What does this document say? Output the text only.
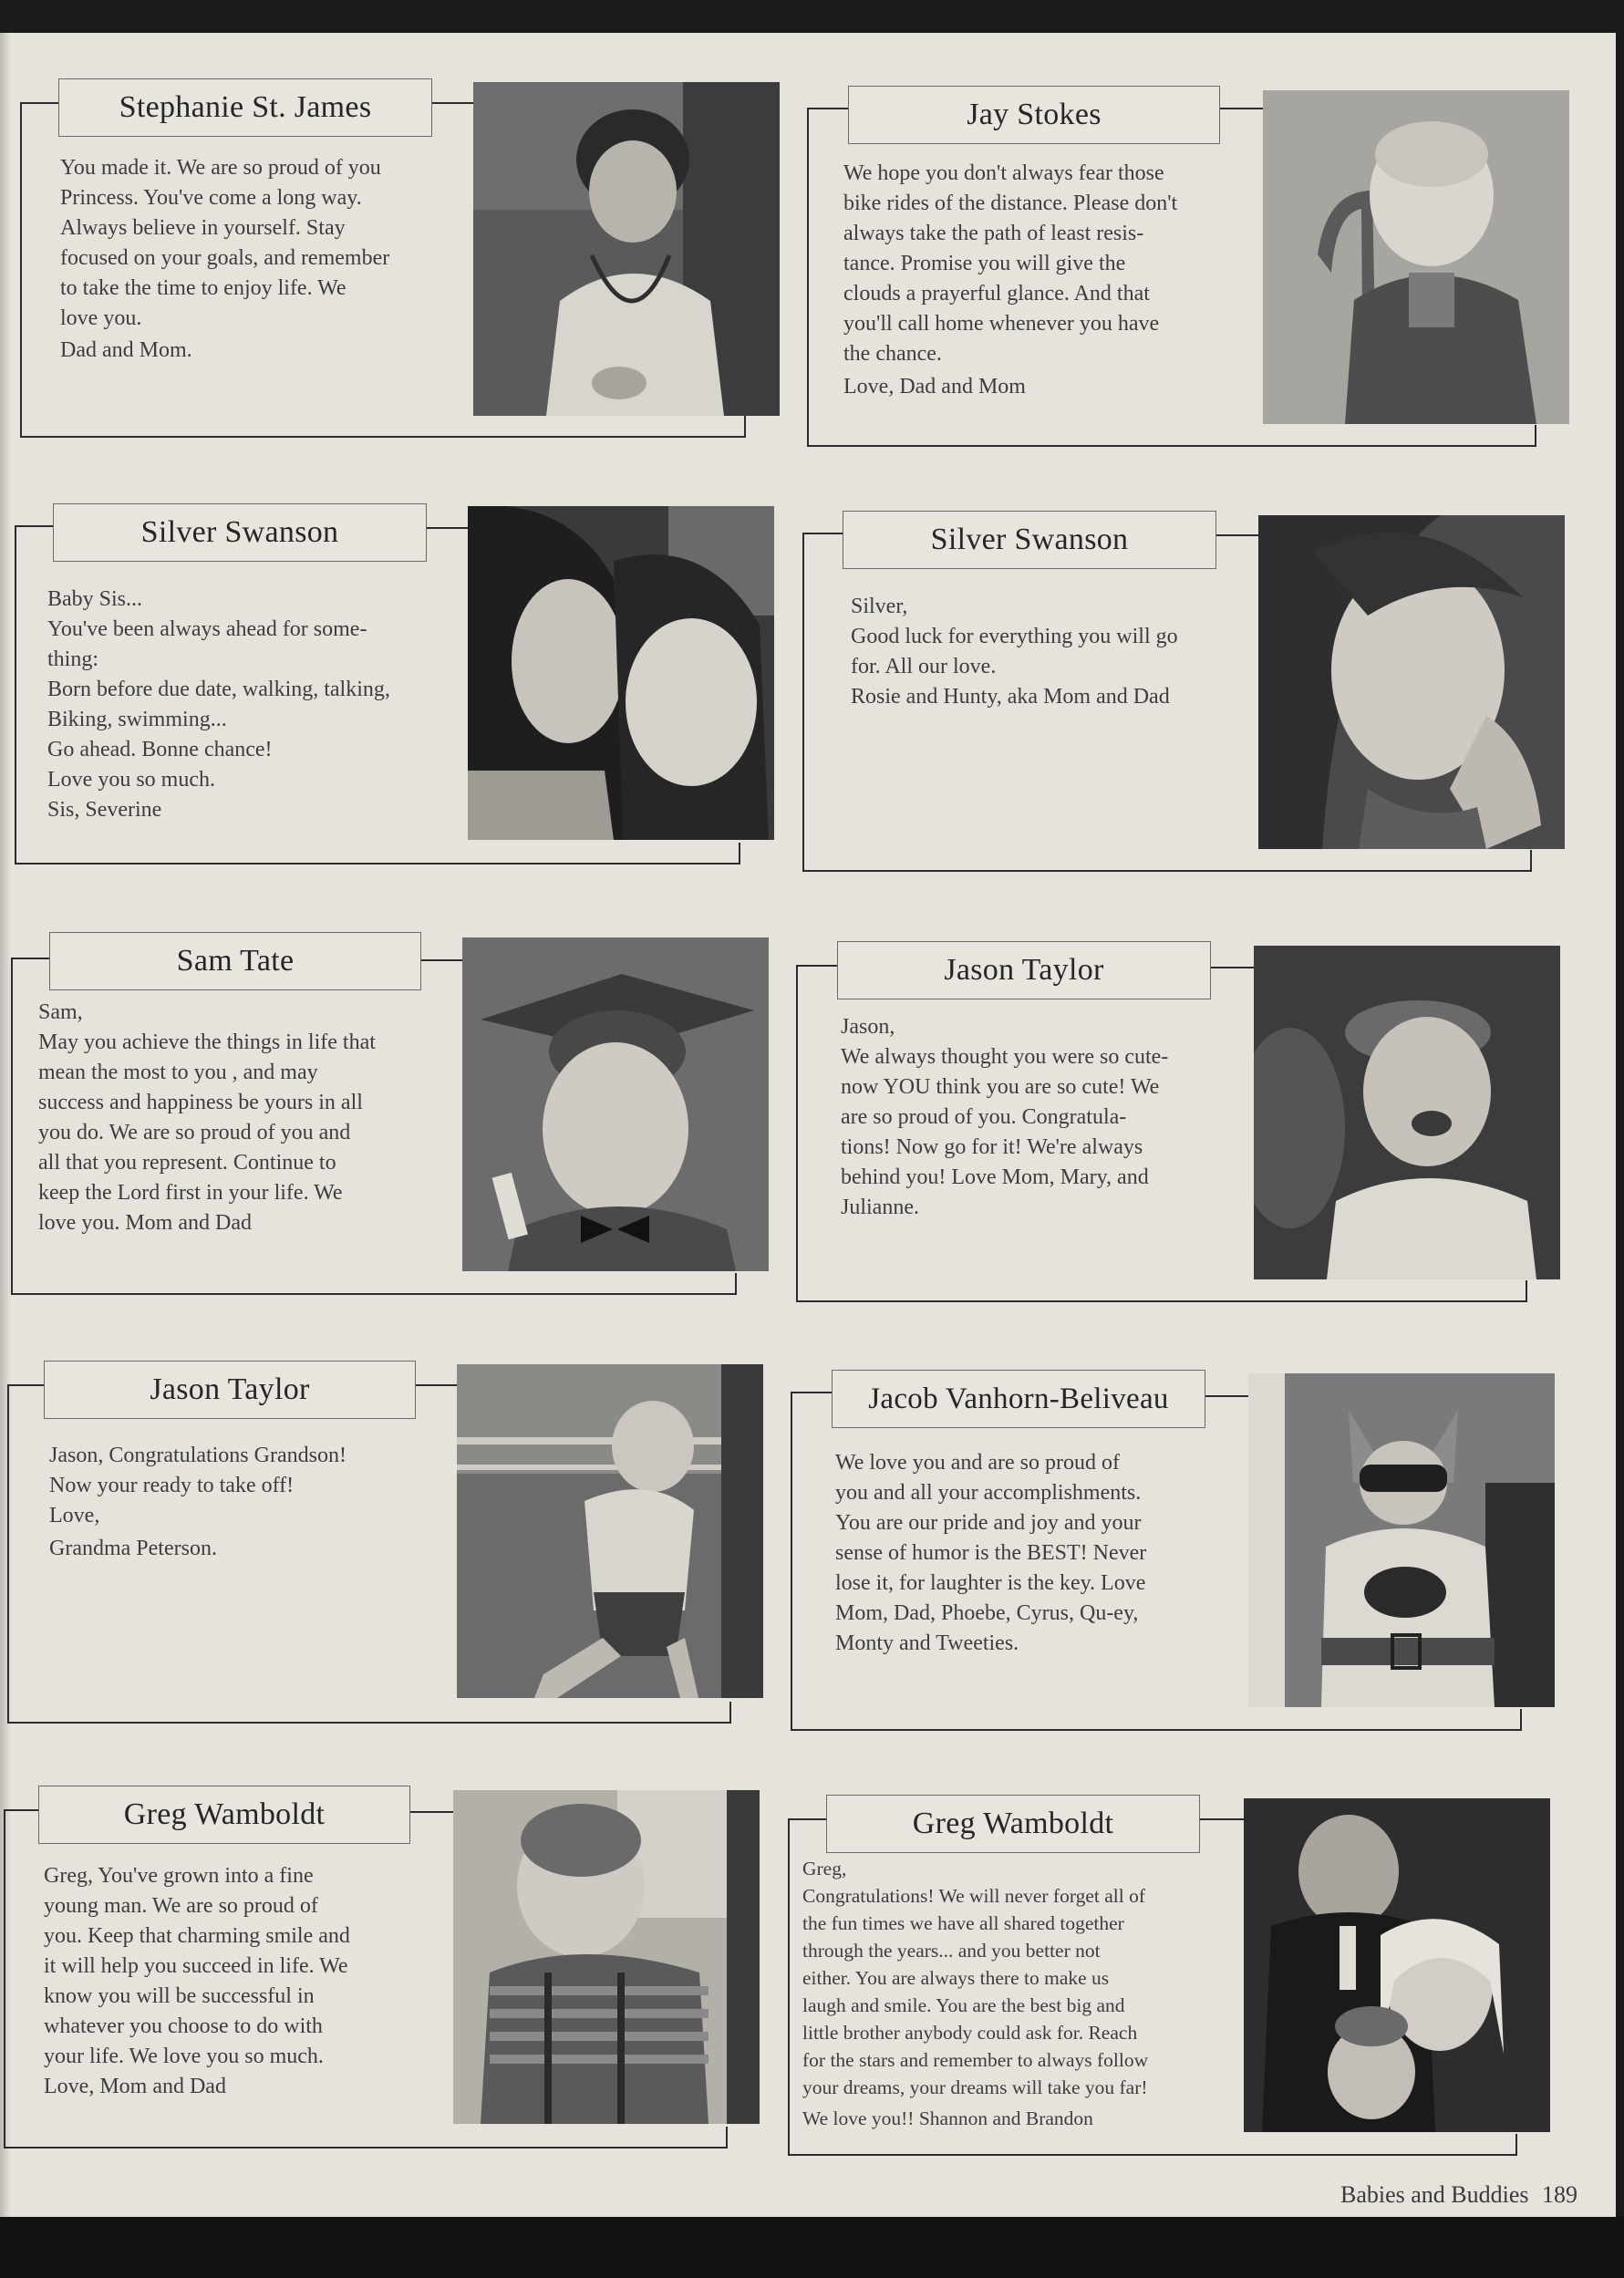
Stephanie St. James

You made it. We are so proud of you

Princess. You've come a long way.

Always believe in yourself. Stay

focused on your goals, and remember

to take the time to enjoy life. We

love you.

Dad and Mom.

Jay Stokes

We hope you don't always fear those

bike rides of the distance. Please don't

always take the path of least resis-

tance. Promise you will give the

clouds a prayerful glance. And that

you'll call home whenever you have

the chance.

Love, Dad and Mom

Silver Swanson

Baby Sis...

You've been always ahead for some-

thing:

Born before due date, walking, talking,

Biking, swimming...

Go ahead. Bonne chance!

Love you so much.

Sis, Severine

Silver Swanson

Silver,

Good luck for everything you will go

for. All our love.

Rosie and Hunty, aka Mom and Dad

Sam Tate

Sam,

May you achieve the things in life that

mean the most to you , and may

success and happiness be yours in all

you do. We are so proud of you and

all that you represent. Continue to

keep the Lord first in your life. We

love you. Mom and Dad

Jason Taylor

Jason,

We always thought you were so cute-

now YOU think you are so cute! We

are so proud of you. Congratula-

tions! Now go for it! We're always

behind you! Love Mom, Mary, and

Julianne.

Jason Taylor

Jason, Congratulations Grandson!

Now your ready to take off!

Love,

Grandma Peterson.

Jacob Vanhorn-Beliveau

We love you and are so proud of

you and all your accomplishments.

You are our pride and joy and your

sense of humor is the BEST! Never

lose it, for laughter is the key. Love

Mom, Dad, Phoebe, Cyrus, Qu-ey,

Monty and Tweeties.

Greg Wamboldt

Greg, You've grown into a fine

young man. We are so proud of

you. Keep that charming smile and

it will help you succeed in life. We

know you will be successful in

whatever you choose to do with

your life. We love you so much.

Love, Mom and Dad

Greg Wamboldt

Greg,

Congratulations! We will never forget all of

the fun times we have all shared together

through the years... and you better not

either. You are always there to make us

laugh and smile. You are the best big and

little brother anybody could ask for. Reach

for the stars and remember to always follow

your dreams, your dreams will take you far!

We love you!! Shannon and Brandon

Babies and Buddies 189
